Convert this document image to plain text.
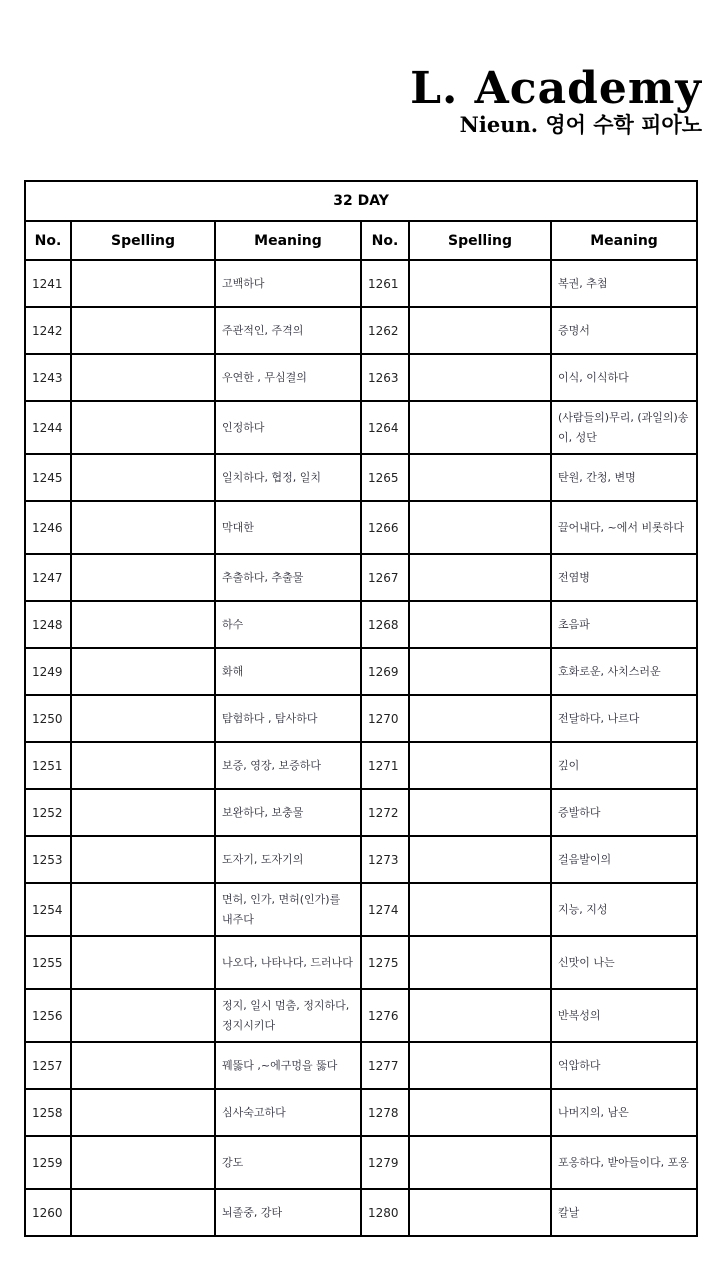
L. Academy
Nieun. 영어 수학 피아노
32 DAY					
No.	Spelling	Meaning	No.	Spelling	Meaning
1241		고백하다	1261		복권, 추첨
1242		주관적인, 주격의	1262		증명서
1243		우연한 , 무심결의	1263		이식, 이식하다
1244		인정하다	1264		(사람들의)무리, (과일의)송이, 성단
1245		일치하다, 협정, 일치	1265		탄원, 간청, 변명
1246		막대한	1266		끌어내다, ~에서 비롯하다
1247		추출하다, 추출물	1267		전염병
1248		하수	1268		초음파
1249		화해	1269		호화로운, 사치스러운
1250		탐험하다 , 탐사하다	1270		전달하다, 나르다
1251		보증, 영장, 보증하다	1271		깊이
1252		보완하다, 보충물	1272		증발하다
1253		도자기, 도자기의	1273		걸음발이의
1254		면허, 인가, 면허(인가)를 내주다	1274		지능, 지성
1255		나오다, 나타나다, 드러나다	1275		신맛이 나는
1256		정지, 일시 멈춤, 정지하다, 정지시키다	1276		반복성의
1257		꿰뚫다 ,~에구멍을 뚫다	1277		억압하다
1258		심사숙고하다	1278		나머지의, 남은
1259		강도	1279		포옹하다, 받아들이다, 포옹
1260		뇌졸중, 강타	1280		칼날
